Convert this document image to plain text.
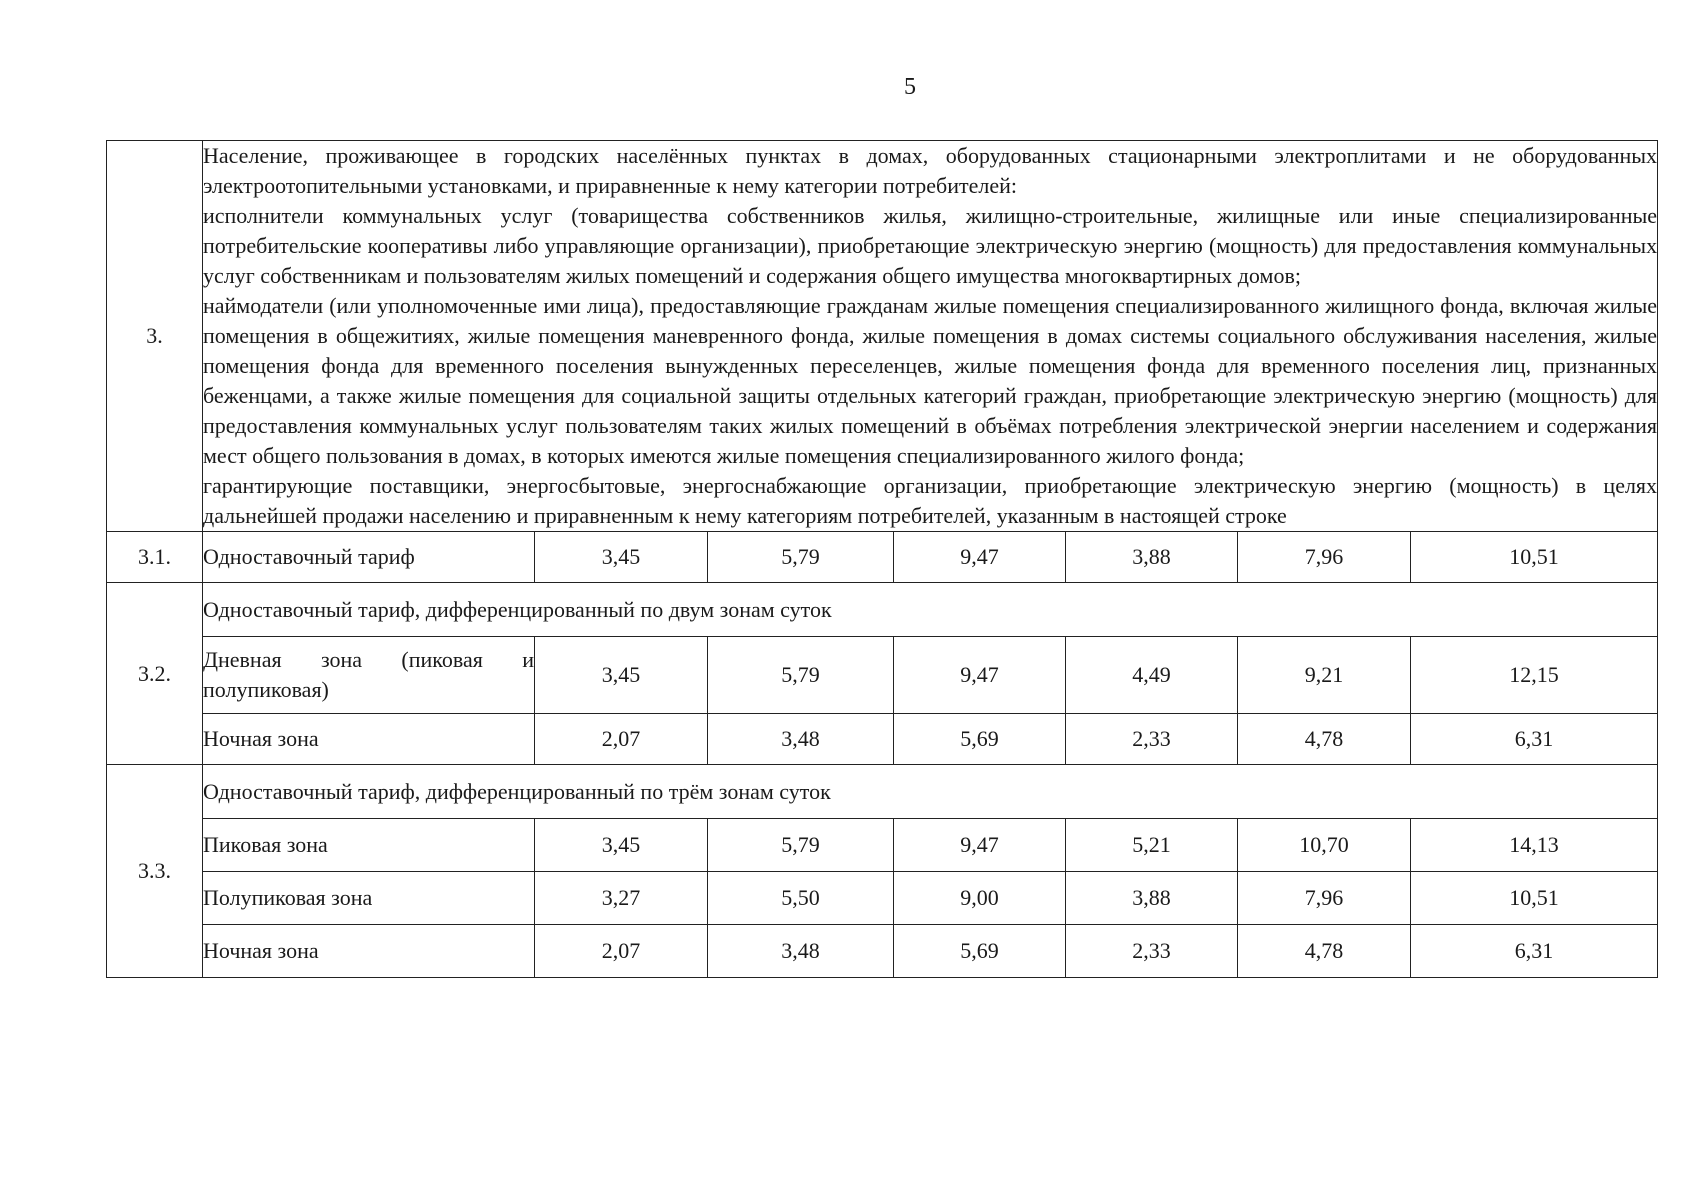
5
3.	Население, проживающее в городских населённых пунктах в домах, оборудованных стационарными электроплитами и не оборудованных электроотопительными установками, и приравненные к нему категории потребителей:

исполнители коммунальных услуг (товарищества собственников жилья, жилищно-строительные, жилищные или иные специализированные потребительские кооперативы либо управляющие организации), приобретающие электрическую энергию (мощность) для предоставления коммунальных услуг собственникам и пользователям жилых помещений и содержания общего имущества многоквартирных домов;

наймодатели (или уполномоченные ими лица), предоставляющие гражданам жилые помещения специализированного жилищного фонда, включая жилые помещения в общежитиях, жилые помещения маневренного фонда, жилые помещения в домах системы социального обслуживания населения, жилые помещения фонда для временного поселения вынужденных переселенцев, жилые помещения фонда для временного поселения лиц, признанных беженцами, а также жилые помещения для социальной защиты отдельных категорий граждан, приобретающие электрическую энергию (мощность) для предоставления коммунальных услуг пользователям таких жилых помещений в объёмах потребления электрической энергии населением и содержания мест общего пользования в домах, в которых имеются жилые помещения специализированного жилого фонда;

гарантирующие поставщики, энергосбытовые, энергоснабжающие организации, приобретающие электрическую энергию (мощность) в целях дальнейшей продажи населению и приравненным к нему категориям потребителей, указанным в настоящей строке						

3.1.	Одноставочный тариф	3,45	5,79	9,47	3,88	7,96	10,51
3.2.	Одноставочный тариф, дифференцированный по двум зонам суток						
	Дневная зона (пиковая и полупиковая)	3,45	5,79	9,47	4,49	9,21	12,15
	Ночная зона	2,07	3,48	5,69	2,33	4,78	6,31
3.3.	Одноставочный тариф, дифференцированный по трём зонам суток						
	Пиковая зона	3,45	5,79	9,47	5,21	10,70	14,13
	Полупиковая зона	3,27	5,50	9,00	3,88	7,96	10,51
	Ночная зона	2,07	3,48	5,69	2,33	4,78	6,31
